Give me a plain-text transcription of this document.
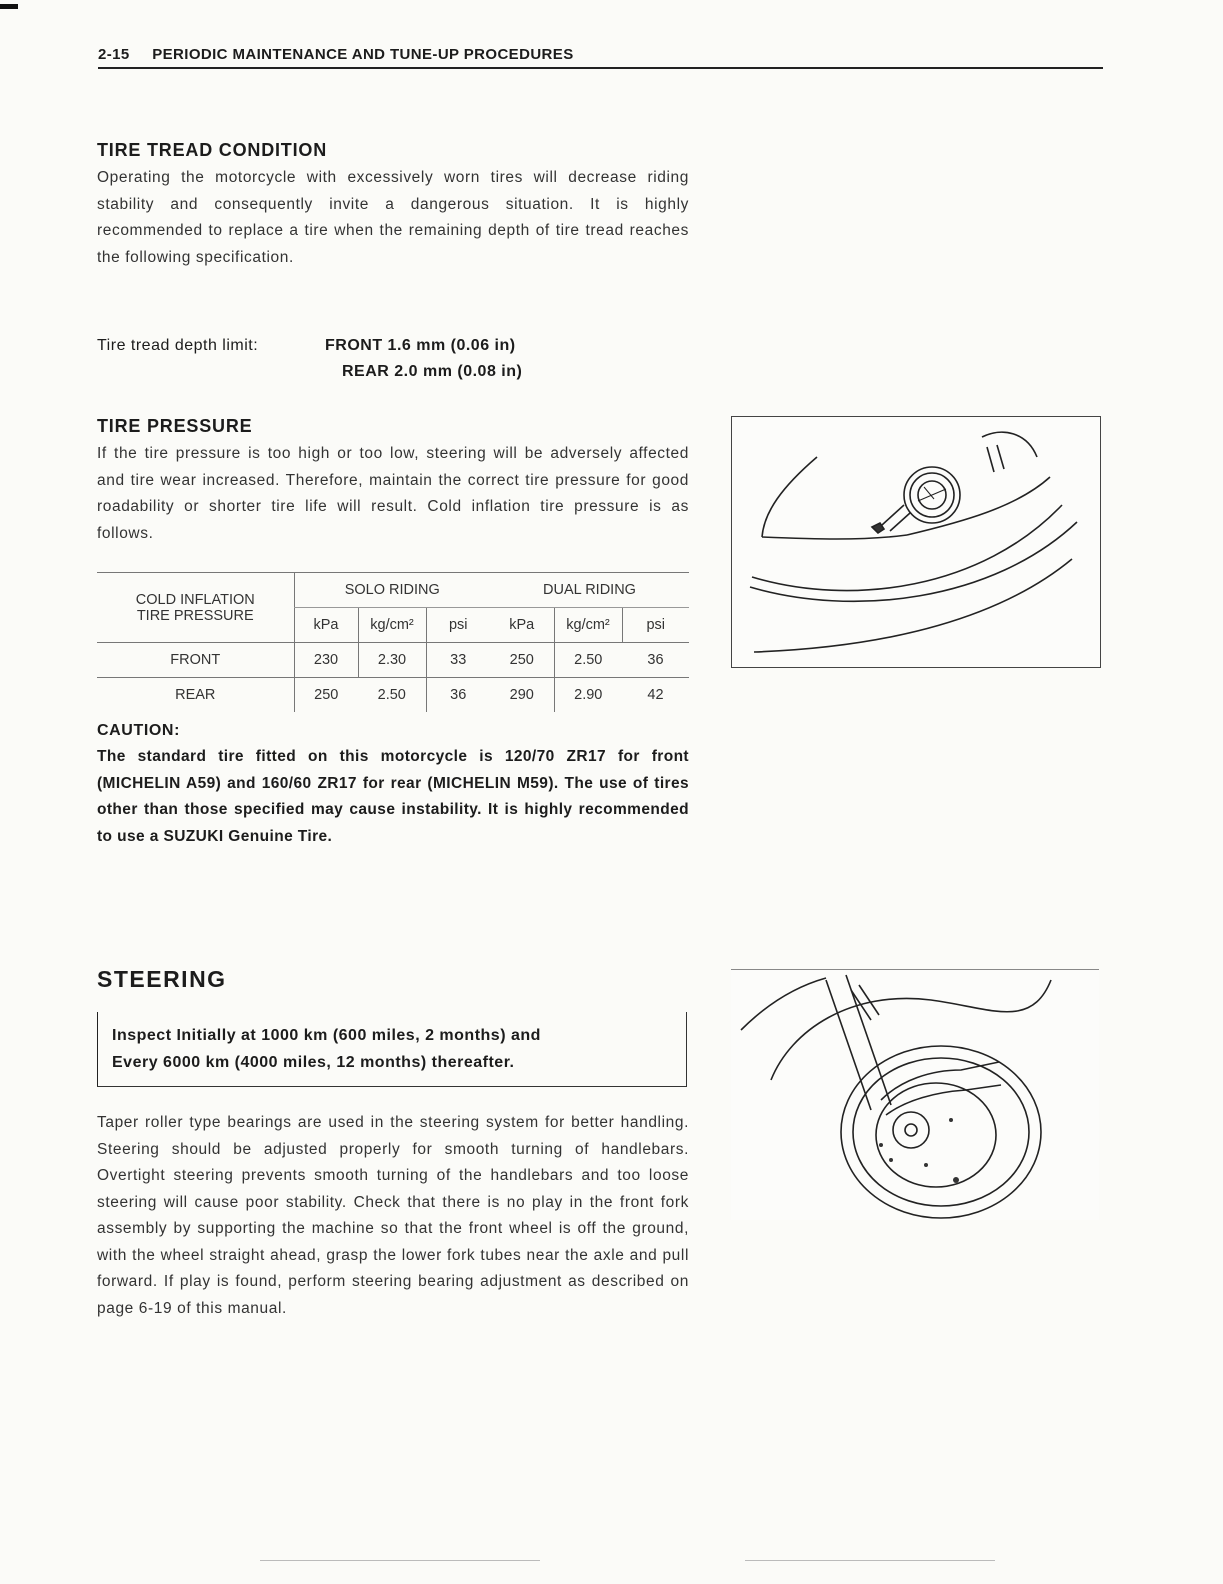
2-15 PERIODIC MAINTENANCE AND TUNE-UP PROCEDURES
TIRE TREAD CONDITION

Operating the motorcycle with excessively worn tires will decrease riding stability and consequently invite a dangerous situation. It is highly recommended to replace a tire when the remaining depth of tire tread reaches the following specification.

Tire tread depth limit:	FRONT 1.6 mm (0.06 in)
REAR 2.0 mm (0.08 in)
TIRE PRESSURE

If the tire pressure is too high or too low, steering will be adversely affected and tire wear increased. Therefore, maintain the correct tire pressure for good roadability or shorter tire life will result. Cold inflation tire pressure is as follows.

COLD INFLATION
TIRE PRESSURE	SOLO RIDING			DUAL RIDING		
	kPa	kg/cm²	psi	kPa	kg/cm²	psi
FRONT	230	2.30	33	250	2.50	36
REAR	250	2.50	36	290	2.90	42
CAUTION:

The standard tire fitted on this motorcycle is 120/70 ZR17 for front (MICHELIN A59) and 160/60 ZR17 for rear (MICHELIN M59). The use of tires other than those specified may cause instability. It is highly recommended to use a SUZUKI Genuine Tire.

STEERING
Inspect Initially at 1000 km (600 miles, 2 months) and
Every 6000 km (4000 miles, 12 months) thereafter.

Taper roller type bearings are used in the steering system for better handling. Steering should be adjusted properly for smooth turning of handlebars. Overtight steering prevents smooth turning of the handlebars and too loose steering will cause poor stability. Check that there is no play in the front fork assembly by supporting the machine so that the front wheel is off the ground, with the wheel straight ahead, grasp the lower fork tubes near the axle and pull forward. If play is found, perform steering bearing adjustment as described on page 6-19 of this manual.
